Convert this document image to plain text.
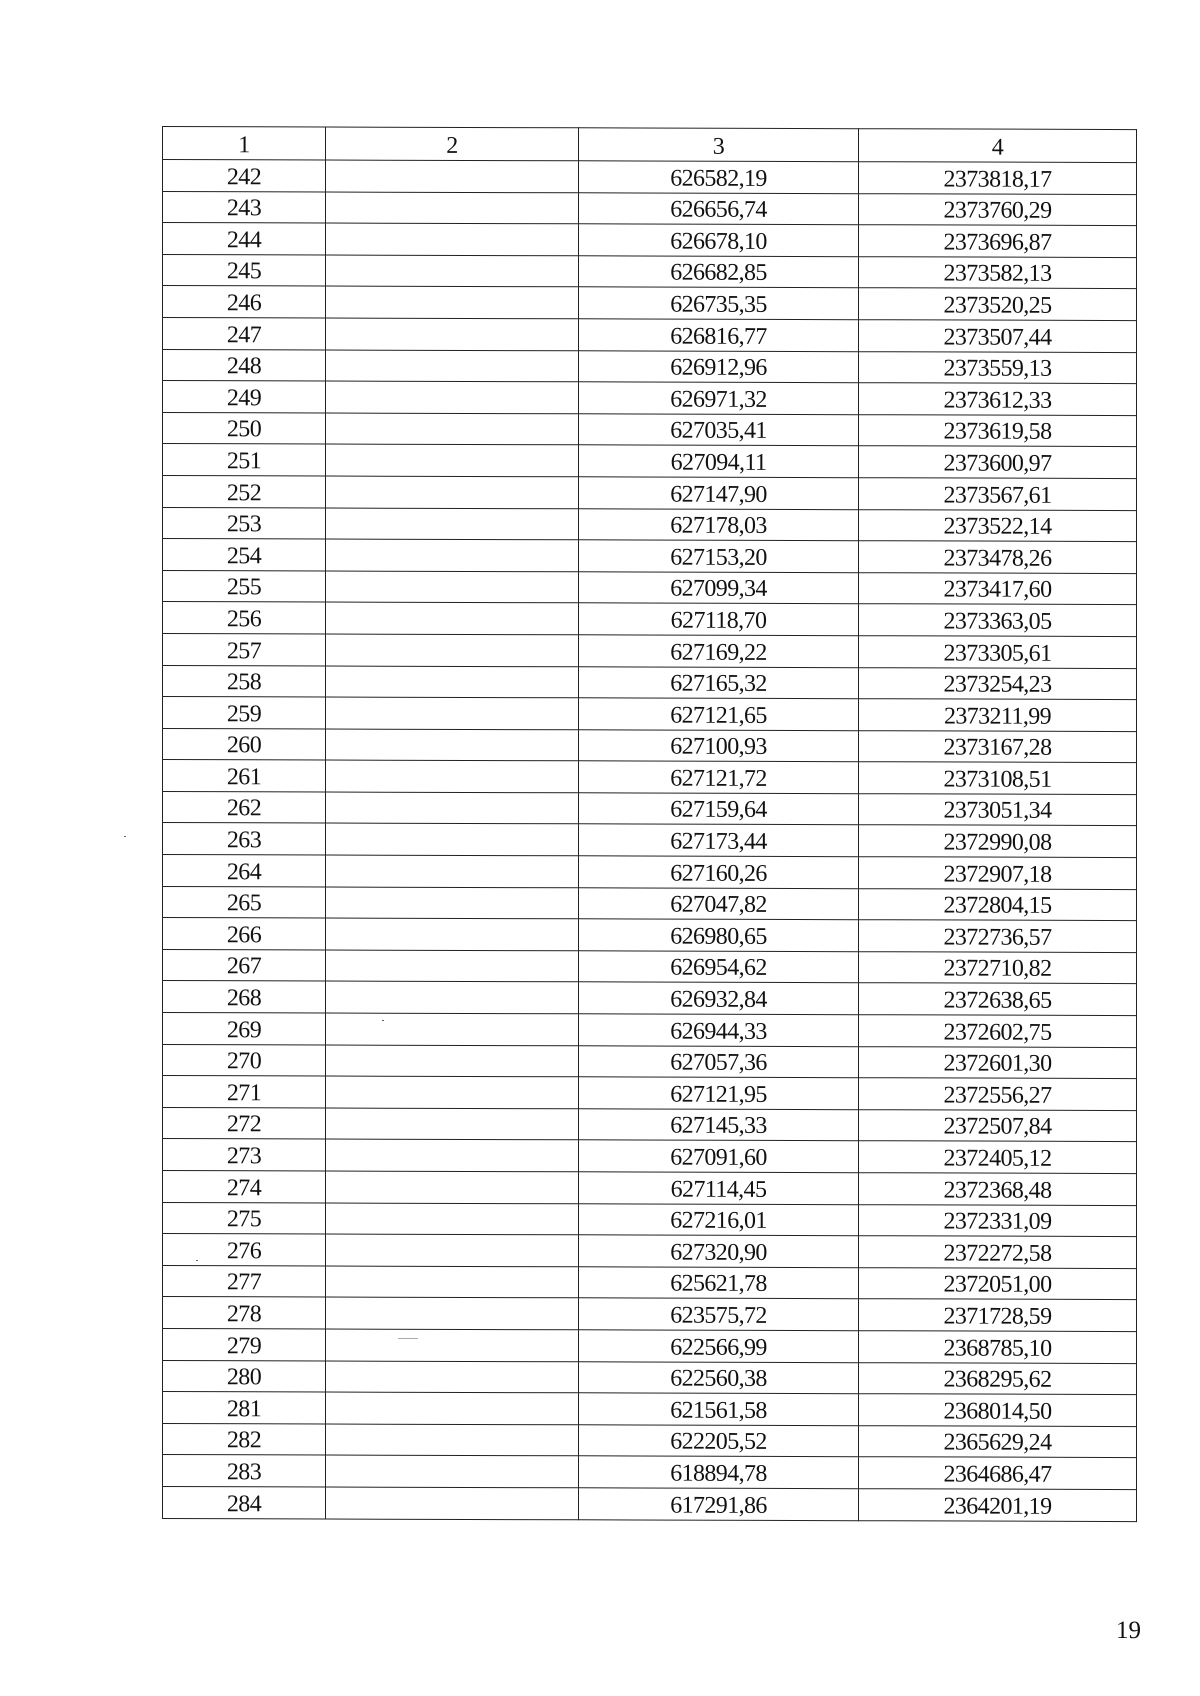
1	2	3	4
242		626582,19	2373818,17
243		626656,74	2373760,29
244		626678,10	2373696,87
245		626682,85	2373582,13
246		626735,35	2373520,25
247		626816,77	2373507,44
248		626912,96	2373559,13
249		626971,32	2373612,33
250		627035,41	2373619,58
251		627094,11	2373600,97
252		627147,90	2373567,61
253		627178,03	2373522,14
254		627153,20	2373478,26
255		627099,34	2373417,60
256		627118,70	2373363,05
257		627169,22	2373305,61
258		627165,32	2373254,23
259		627121,65	2373211,99
260		627100,93	2373167,28
261		627121,72	2373108,51
262		627159,64	2373051,34
263		627173,44	2372990,08
264		627160,26	2372907,18
265		627047,82	2372804,15
266		626980,65	2372736,57
267		626954,62	2372710,82
268		626932,84	2372638,65
269		626944,33	2372602,75
270		627057,36	2372601,30
271		627121,95	2372556,27
272		627145,33	2372507,84
273		627091,60	2372405,12
274		627114,45	2372368,48
275		627216,01	2372331,09
276		627320,90	2372272,58
277		625621,78	2372051,00
278		623575,72	2371728,59
279		622566,99	2368785,10
280		622560,38	2368295,62
281		621561,58	2368014,50
282		622205,52	2365629,24
283		618894,78	2364686,47
284		617291,86	2364201,19
19
